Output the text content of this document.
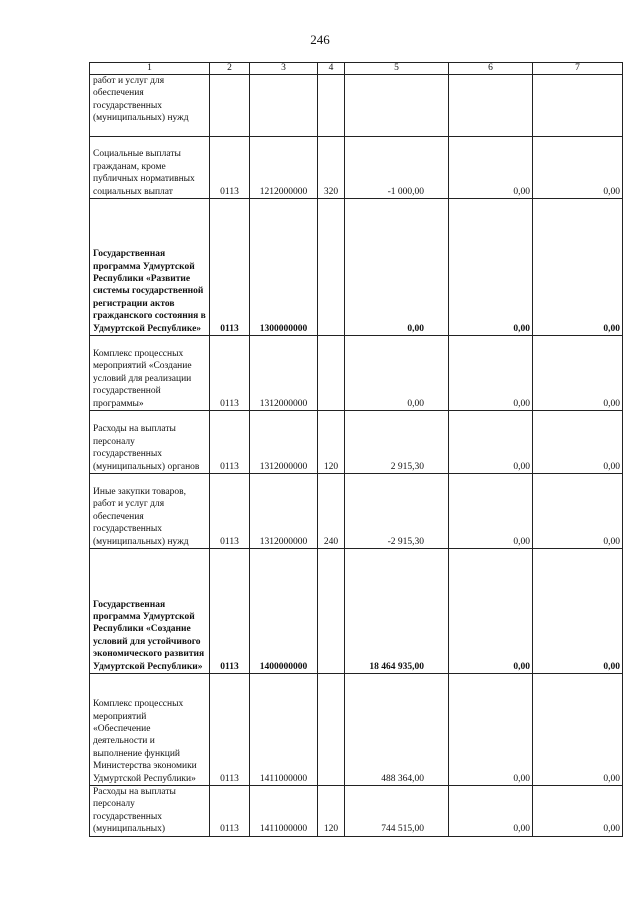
246
1	2	3	4	5	6	7
работ и услуг для обеспечения государственных (муниципальных) нужд						
Социальные выплаты гражданам, кроме публичных нормативных социальных выплат	0113	1212000000	320	-1 000,00	0,00	0,00
Государственная программа Удмуртской Республики «Развитие системы государственной регистрации актов гражданского состояния в Удмуртской Республике»	0113	1300000000		0,00	0,00	0,00
Комплекс процессных мероприятий «Создание условий для реализации государственной программы»	0113	1312000000		0,00	0,00	0,00
Расходы на выплаты персоналу государственных (муниципальных) органов	0113	1312000000	120	2 915,30	0,00	0,00
Иные закупки товаров, работ и услуг для обеспечения государственных (муниципальных) нужд	0113	1312000000	240	-2 915,30	0,00	0,00
Государственная программа Удмуртской Республики «Создание условий для устойчивого экономического развития Удмуртской Республики»	0113	1400000000		18 464 935,00	0,00	0,00
Комплекс процессных мероприятий «Обеспечение деятельности и выполнение функций Министерства экономики Удмуртской Республики»	0113	1411000000		488 364,00	0,00	0,00
Расходы на выплаты персоналу государственных (муниципальных)	0113	1411000000	120	744 515,00	0,00	0,00
